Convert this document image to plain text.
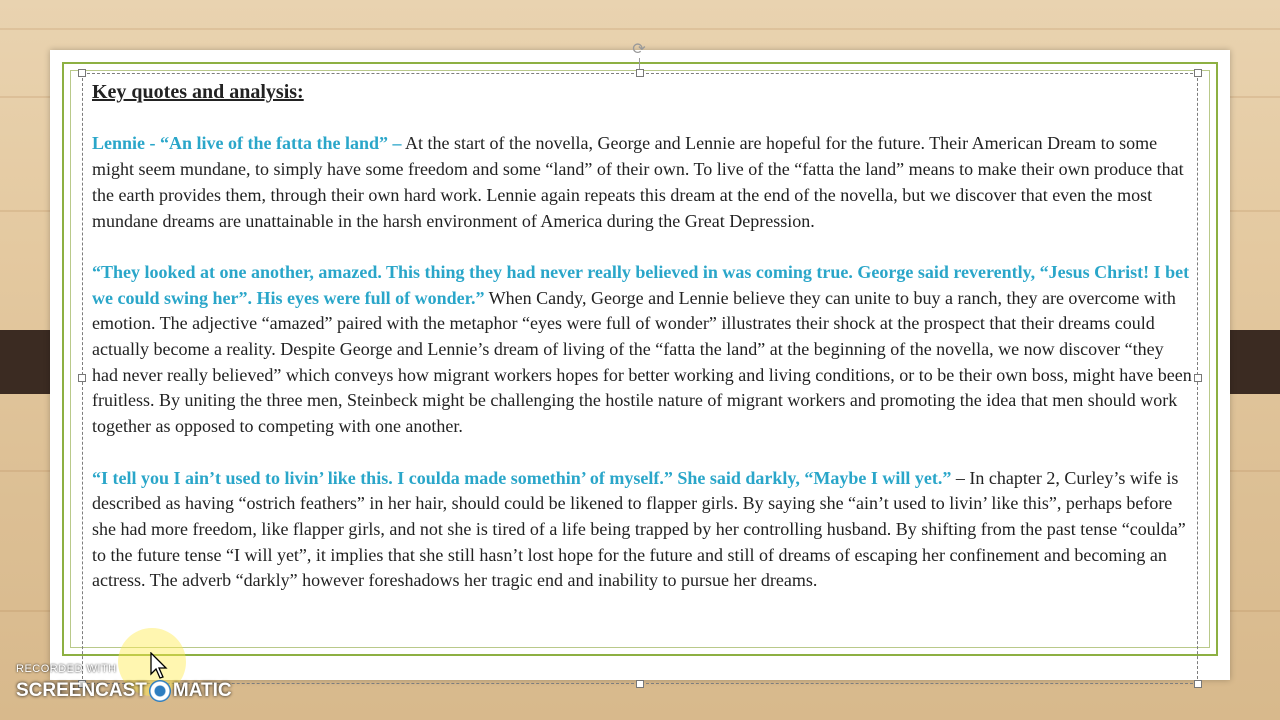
⟳

Key quotes and analysis:

Lennie - “An live of the fatta the land” – At the start of the novella, George and Lennie are hopeful for the future. Their American Dream to some might seem mundane, to simply have some freedom and some “land” of their own. To live of the “fatta the land” means to make their own produce that the earth provides them, through their own hard work. Lennie again repeats this dream at the end of the novella, but we discover that even the most mundane dreams are unattainable in the harsh environment of America during the Great Depression.

“They looked at one another, amazed. This thing they had never really believed in was coming true. George said reverently, “Jesus Christ! I bet we could swing her”. His eyes were full of wonder.” When Candy, George and Lennie believe they can unite to buy a ranch, they are overcome with emotion. The adjective “amazed” paired with the metaphor “eyes were full of wonder” illustrates their shock at the prospect that their dreams could actually become a reality. Despite George and Lennie’s dream of living of the “fatta the land” at the beginning of the novella, we now discover “they had never really believed” which conveys how migrant workers hopes for better working and living conditions, or to be their own boss, might have been fruitless. By uniting the three men, Steinbeck might be challenging the hostile nature of migrant workers and promoting the idea that men should work together as opposed to competing with one another.

“I tell you I ain’t used to livin’ like this. I coulda made somethin’ of myself.” She said darkly, “Maybe I will yet.” – In chapter 2, Curley’s wife is described as having “ostrich feathers” in her hair, should could be likened to flapper girls. By saying she “ain’t used to livin’ like this”, perhaps before she had more freedom, like flapper girls, and not she is tired of a life being trapped by her controlling husband. By shifting from the past tense “coulda” to the future tense “I will yet”, it implies that she still hasn’t lost hope for the future and still of dreams of escaping her confinement and becoming an actress. The adverb “darkly” however foreshadows her tragic end and inability to pursue her dreams.

RECORDED WITH
SCREENCAST MATIC
